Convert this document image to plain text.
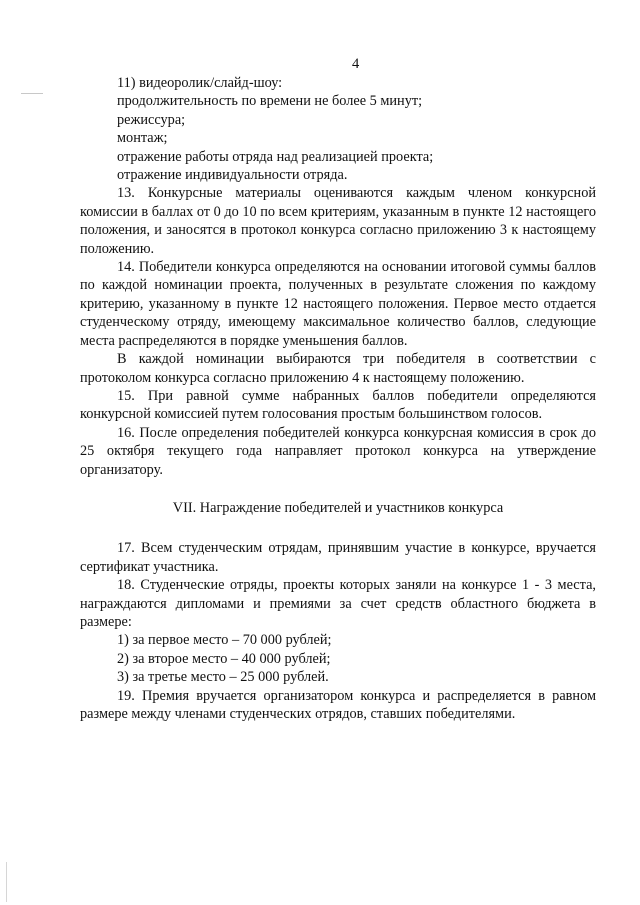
4

11) видеоролик/слайд-шоу:

продолжительность по времени не более 5 минут;

режиссура;

монтаж;

отражение работы отряда над реализацией проекта;

отражение индивидуальности отряда.

13. Конкурсные материалы оцениваются каждым членом конкурсной комиссии в баллах от 0 до 10 по всем критериям, указанным в пункте 12 настоящего положения, и заносятся в протокол конкурса согласно приложению 3 к настоящему положению.

14. Победители конкурса определяются на основании итоговой суммы баллов по каждой номинации проекта, полученных в результате сложения по каждому критерию, указанному в пункте 12 настоящего положения. Первое место отдается студенческому отряду, имеющему максимальное количество баллов, следующие места распределяются в порядке уменьшения баллов.

В каждой номинации выбираются три победителя в соответствии с протоколом конкурса согласно приложению 4 к настоящему положению.

15. При равной сумме набранных баллов победители определяются конкурсной комиссией путем голосования простым большинством голосов.

16. После определения победителей конкурса конкурсная комиссия в срок до 25 октября текущего года направляет протокол конкурса на утверждение организатору.

VII. Награждение победителей и участников конкурса

17. Всем студенческим отрядам, принявшим участие в конкурсе, вручается сертификат участника.

18. Студенческие отряды, проекты которых заняли на конкурсе 1 - 3 места, награждаются дипломами и премиями за счет средств областного бюджета в размере:

1) за первое место – 70 000 рублей;

2) за второе место – 40 000 рублей;

3) за третье место – 25 000 рублей.

19. Премия вручается организатором конкурса и распределяется в равном размере между членами студенческих отрядов, ставших победителями.
